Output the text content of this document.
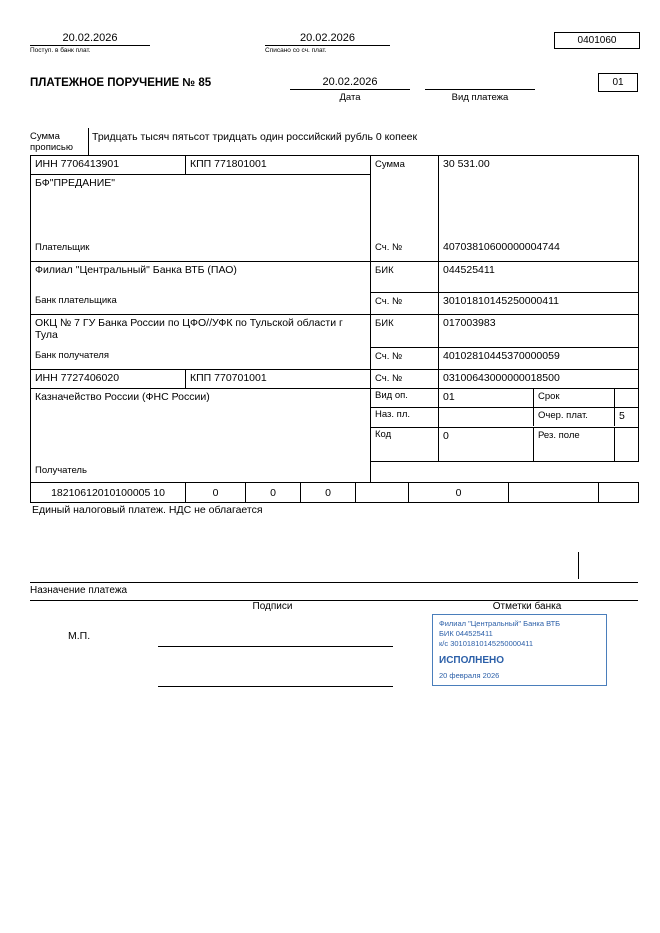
20.02.2026
Поступ. в банк плат.
20.02.2026
Списано со сч. плат.
0401060
ПЛАТЕЖНОЕ ПОРУЧЕНИЕ № 85	20.02.2026
Дата	Вид платежа
01
Сумма
прописью
Тридцать тысяч пятьсот тридцать один российский рубль 0 копеек
ИНН 7706413901	КПП 771801001	Сумма	30 531.00

БФ"ПРЕДАНИЕ"

Плательщик	Сч. №	40703810600000004744

Филиал "Центральный" Банка ВТБ (ПАО)	БИК	044525411
Банк плательщика	Сч. №	30101810145250000411

ОКЦ № 7 ГУ Банка России по ЦФО//УФК по Тульской области г Тула
	БИК	017003983
Банк получателя	Сч. №	40102810445370000059
ИНН 7727406020	КПП 770701001	Сч. №	03100643000000018500

Казначейство России (ФНС России)	Вид оп.		01	Срок	

	Наз. пл.	
		Очер. плат.	5

	Код		0	Рез. поле	

Получатель	
18210612010100005 10	0	0	0		0		
Единый налоговый платеж. НДС не облагается
Назначение платежа
Подписи	Отметки банка
М.П.
Филиал "Центральный" Банка ВТБ
БИК 044525411
к/с 30101810145250000411
ИСПОЛНЕНО
20 февраля 2026
